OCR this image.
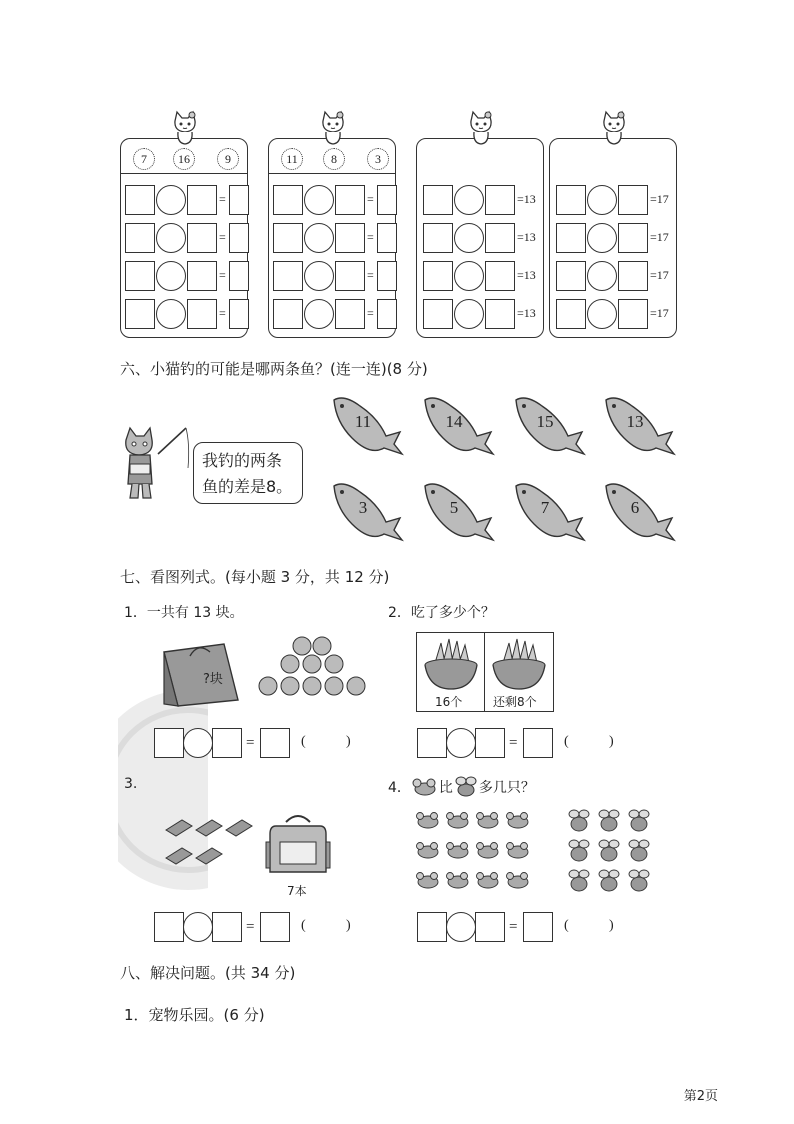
7	16	9
=
=
=
=
11	8	3
=
=
=
=
=13
=13
=13
=13
=17
=17
=17
=17
六、小猫钓的可能是哪两条鱼？(连一连)(8 分)
我钓的两条
鱼的差是8。
11	14	15	13
3	5	7	6
七、看图列式。(每小题 3 分，共 12 分)
1．一共有 13 块。
?块
=	(	)
2．吃了多少个？
16个	还剩8个
=	(	)
3.
7本
=	(	)
4． 比 多几只？
=	(	)
八、解决问题。(共 34 分)
1．宠物乐园。(6 分)
第2页
